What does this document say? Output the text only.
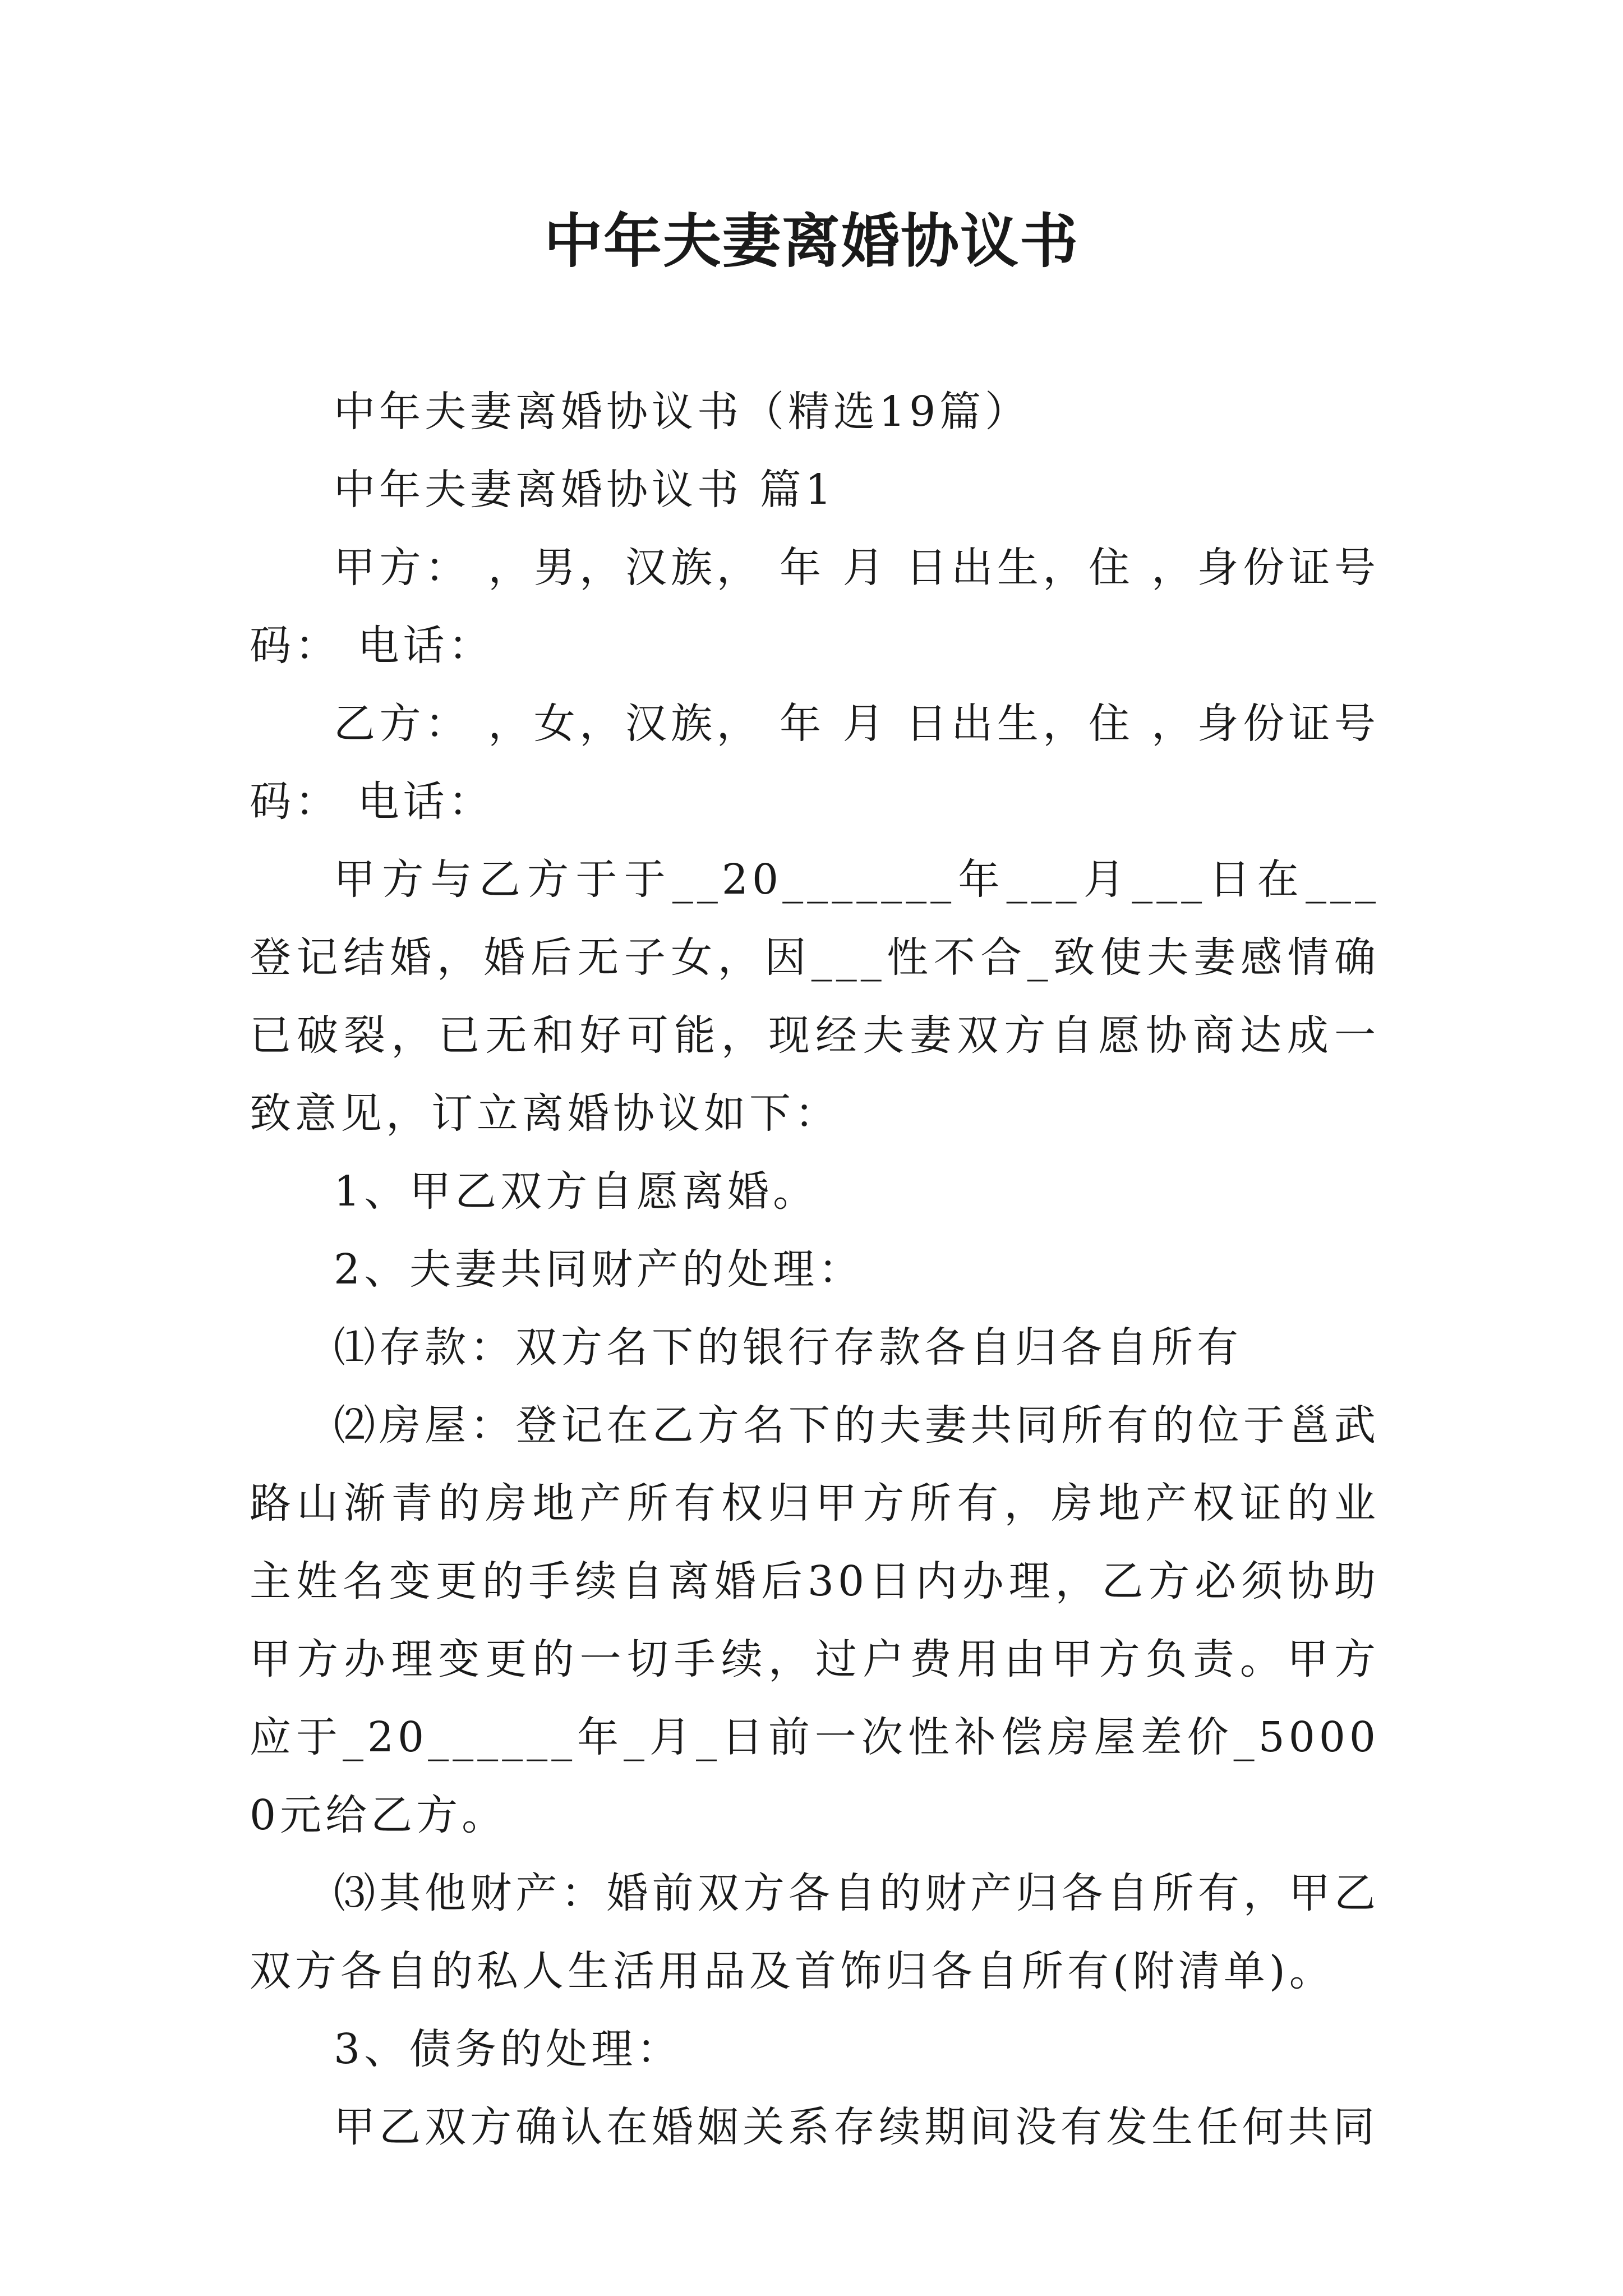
中年夫妻离婚协议书

中年夫妻离婚协议书（精选19篇）

中年夫妻离婚协议书 篇1

甲方： ，男，汉族， 年 月 日出生，住 ，身份证号码： 电话：

乙方： ，女，汉族， 年 月 日出生，住 ，身份证号码： 电话：

甲方与乙方于于__20_______年___月___日在___登记结婚，婚后无子女，因___性不合_致使夫妻感情确已破裂，已无和好可能，现经夫妻双方自愿协商达成一致意见，订立离婚协议如下：

1、甲乙双方自愿离婚。

2、夫妻共同财产的处理：

⑴存款：双方名下的银行存款各自归各自所有

⑵房屋：登记在乙方名下的夫妻共同所有的位于邕武路山渐青的房地产所有权归甲方所有，房地产权证的业主姓名变更的手续自离婚后30日内办理，乙方必须协助甲方办理变更的一切手续，过户费用由甲方负责。甲方应于_20______年_月_日前一次性补偿房屋差价_50000元给乙方。

⑶其他财产：婚前双方各自的财产归各自所有，甲乙双方各自的私人生活用品及首饰归各自所有(附清单)。

3、债务的处理：

甲乙双方确认在婚姻关系存续期间没有发生任何共同
